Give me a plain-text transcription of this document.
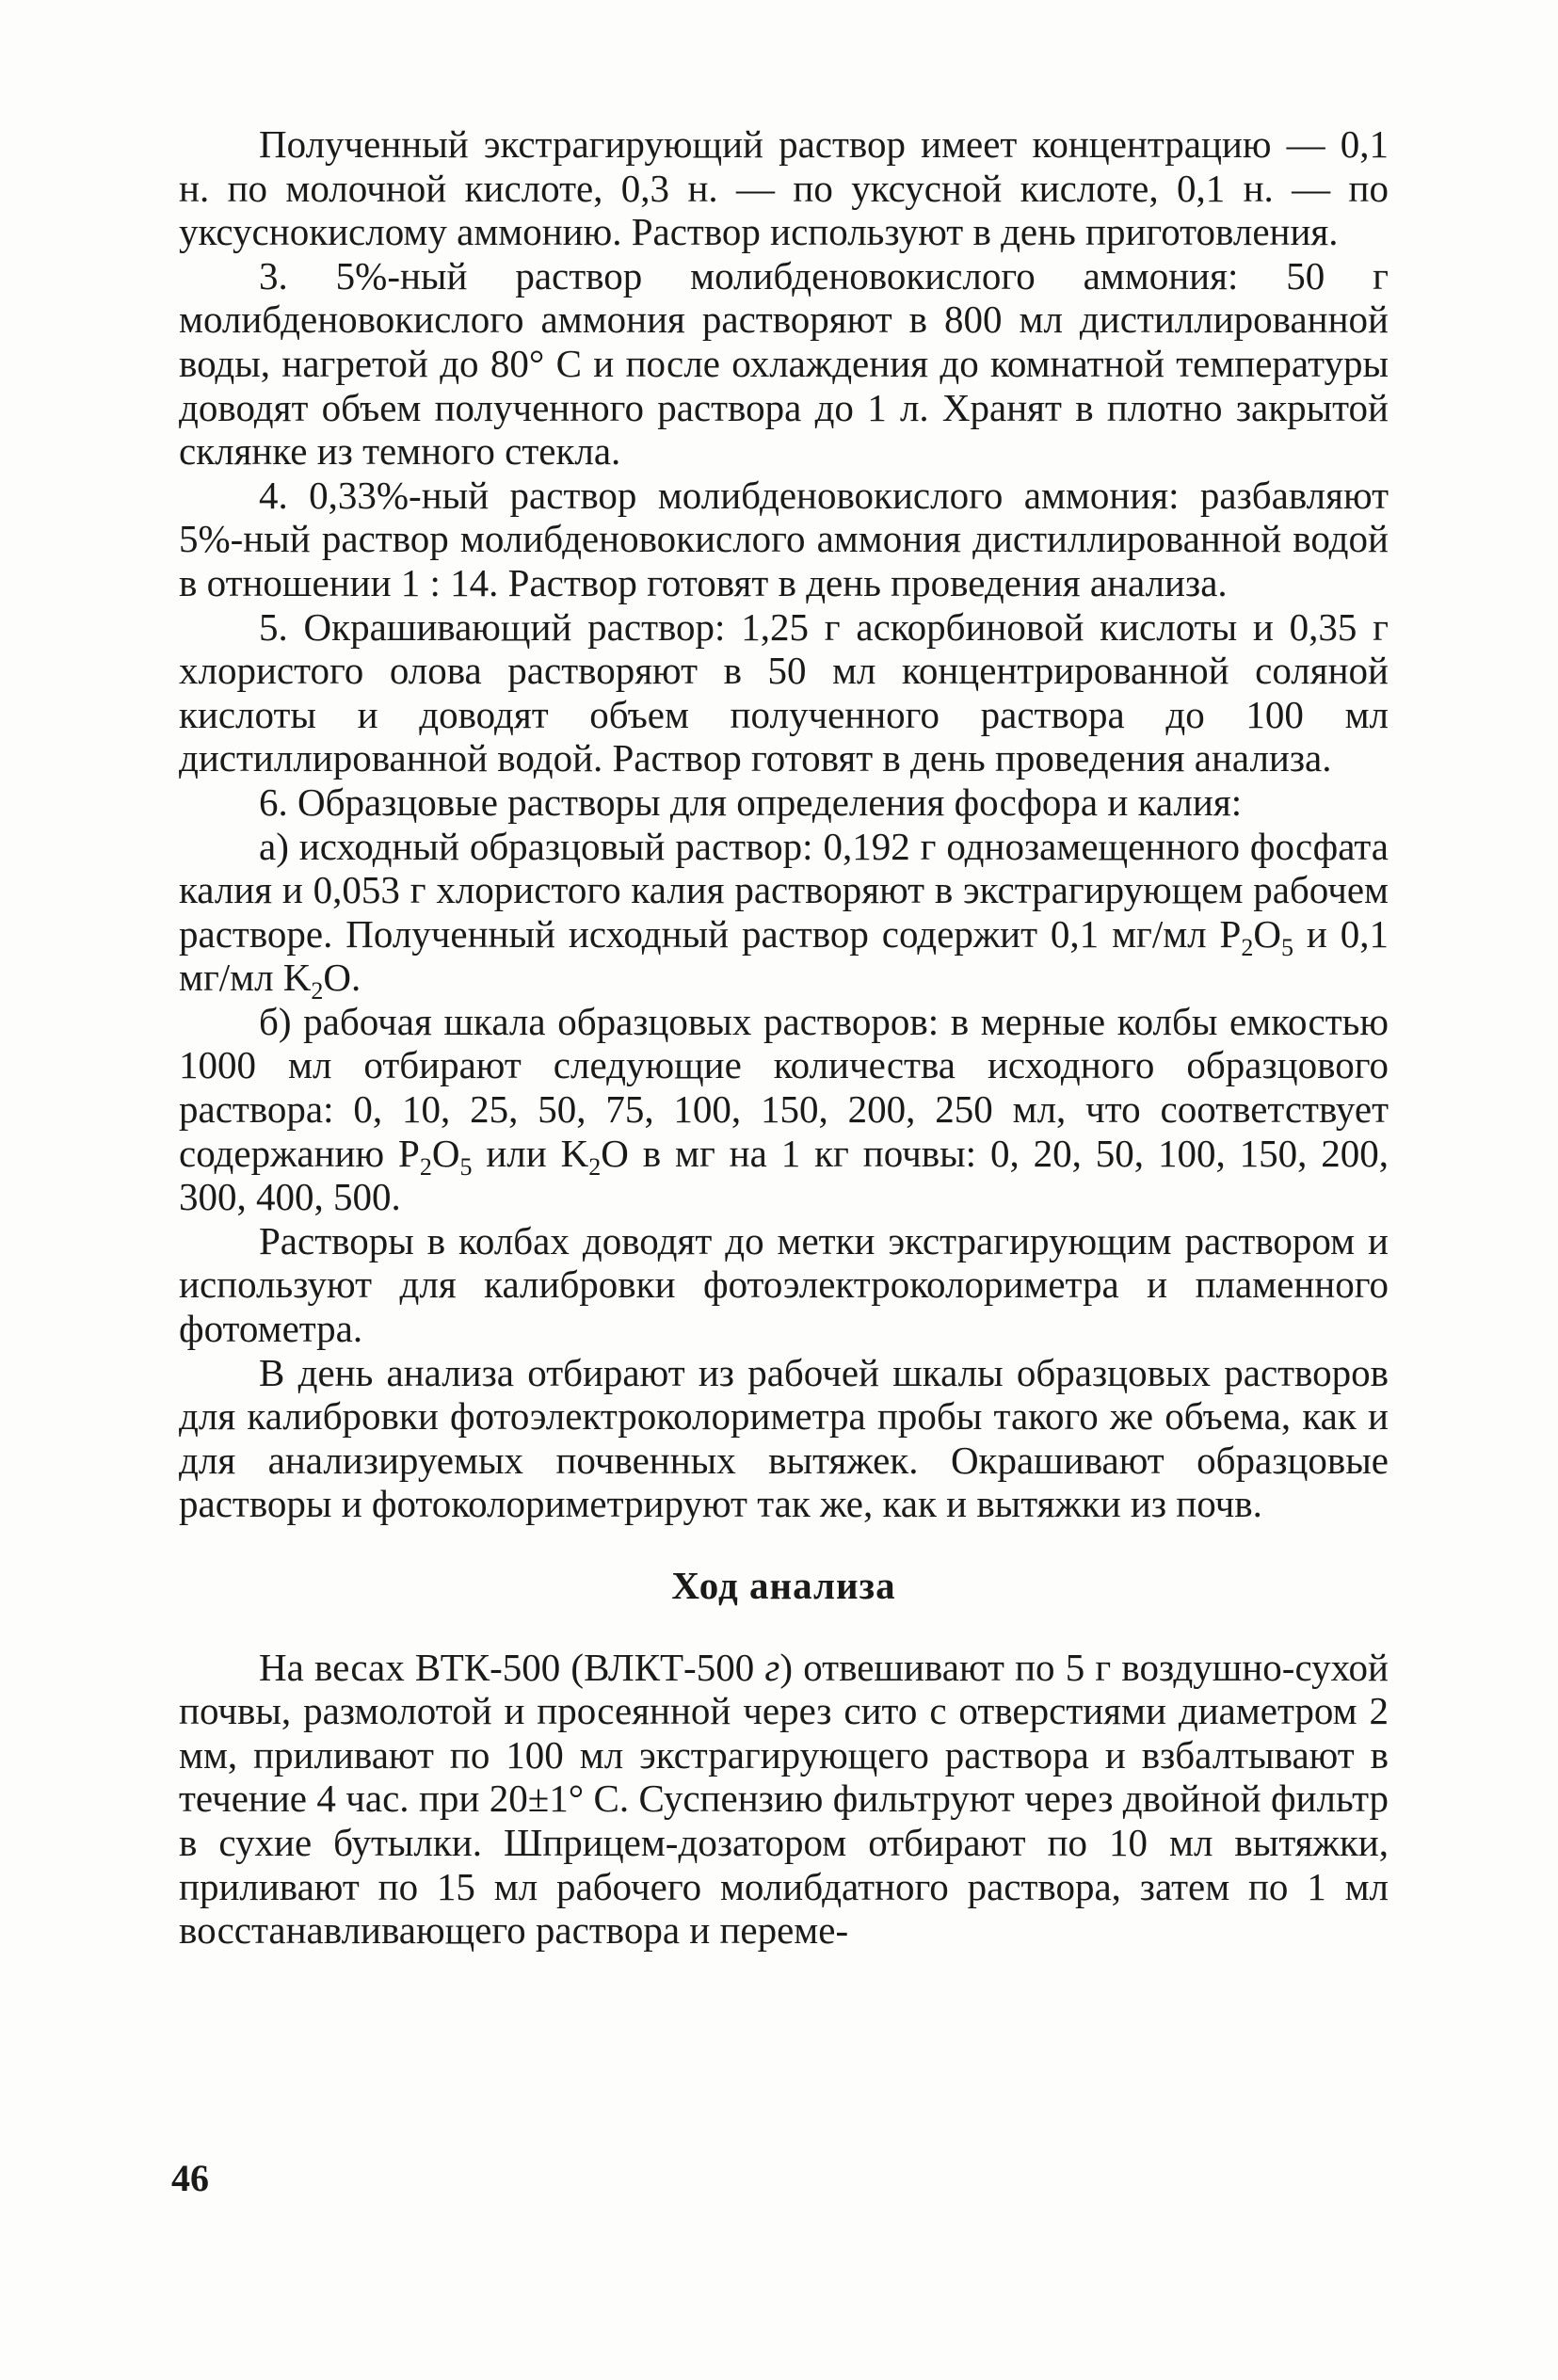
Полученный экстрагирующий раствор имеет концентрацию — 0,1 н. по молочной кислоте, 0,3 н. — по уксусной кислоте, 0,1 н. — по уксуснокислому аммонию. Раствор используют в день приготовления.

3. 5%-ный раствор молибденовокислого аммония: 50 г молибденовокислого аммония растворяют в 800 мл дистиллированной воды, нагретой до 80° С и после охлаждения до комнатной температуры доводят объем полученного раствора до 1 л. Хранят в плотно закрытой склянке из темного стекла.

4. 0,33%-ный раствор молибденовокислого аммония: разбавляют 5%-ный раствор молибденовокислого аммония дистиллированной водой в отношении 1 : 14. Раствор готовят в день проведения анализа.

5. Окрашивающий раствор: 1,25 г аскорбиновой кислоты и 0,35 г хлористого олова растворяют в 50 мл концентрированной соляной кислоты и доводят объем полученного раствора до 100 мл дистиллированной водой. Раствор готовят в день проведения анализа.

6. Образцовые растворы для определения фосфора и калия:

а) исходный образцовый раствор: 0,192 г однозамещенного фосфата калия и 0,053 г хлористого калия растворяют в экстрагирующем рабочем растворе. Полученный исходный раствор содержит 0,1 мг/мл $P_2O_5$ и 0,1 мг/мл $K_2O$.

б) рабочая шкала образцовых растворов: в мерные колбы емкостью 1000 мл отбирают следующие количества исходного образцового раствора: 0, 10, 25, 50, 75, 100, 150, 200, 250 мл, что соответствует содержанию $P_2O_5$ или $K_2O$ в мг на 1 кг почвы: 0, 20, 50, 100, 150, 200, 300, 400, 500.

Растворы в колбах доводят до метки экстрагирующим раствором и используют для калибровки фотоэлектроколориметра и пламенного фотометра.

В день анализа отбирают из рабочей шкалы образцовых растворов для калибровки фотоэлектроколориметра пробы такого же объема, как и для анализируемых почвенных вытяжек. Окрашивают образцовые растворы и фотоколориметрируют так же, как и вытяжки из почв.

Ход анализа

На весах ВТК-500 (ВЛКТ-500 г) отвешивают по 5 г воздушно-сухой почвы, размолотой и просеянной через сито с отверстиями диаметром 2 мм, приливают по 100 мл экстрагирующего раствора и взбалтывают в течение 4 час. при 20±1° С. Суспензию фильтруют через двойной фильтр в сухие бутылки. Шприцем-дозатором отбирают по 10 мл вытяжки, приливают по 15 мл рабочего молибдатного раствора, затем по 1 мл восстанавливающего раствора и переме-

46
